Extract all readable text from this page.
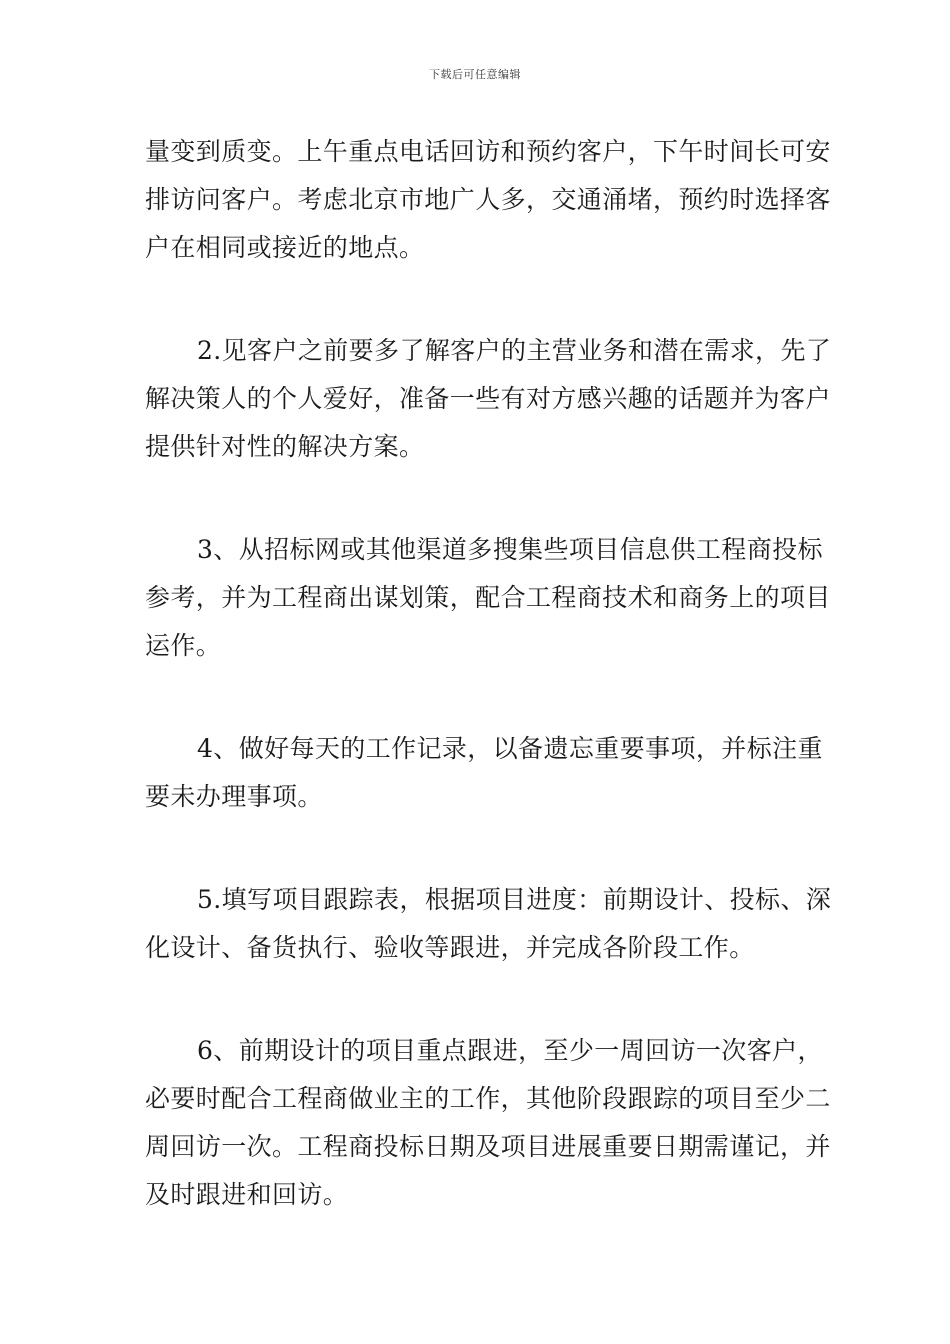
下载后可任意编辑

量变到质变。上午重点电话回访和预约客户，下午时间长可安排访问客户。考虑北京市地广人多，交通涌堵，预约时选择客户在相同或接近的地点。

2.见客户之前要多了解客户的主营业务和潜在需求，先了解决策人的个人爱好，准备一些有对方感兴趣的话题并为客户提供针对性的解决方案。

3、从招标网或其他渠道多搜集些项目信息供工程商投标参考，并为工程商出谋划策，配合工程商技术和商务上的项目运作。

4、做好每天的工作记录，以备遗忘重要事项，并标注重要未办理事项。

5.填写项目跟踪表，根据项目进度：前期设计、投标、深化设计、备货执行、验收等跟进，并完成各阶段工作。

6、前期设计的项目重点跟进，至少一周回访一次客户，必要时配合工程商做业主的工作，其他阶段跟踪的项目至少二周回访一次。工程商投标日期及项目进展重要日期需谨记，并及时跟进和回访。
